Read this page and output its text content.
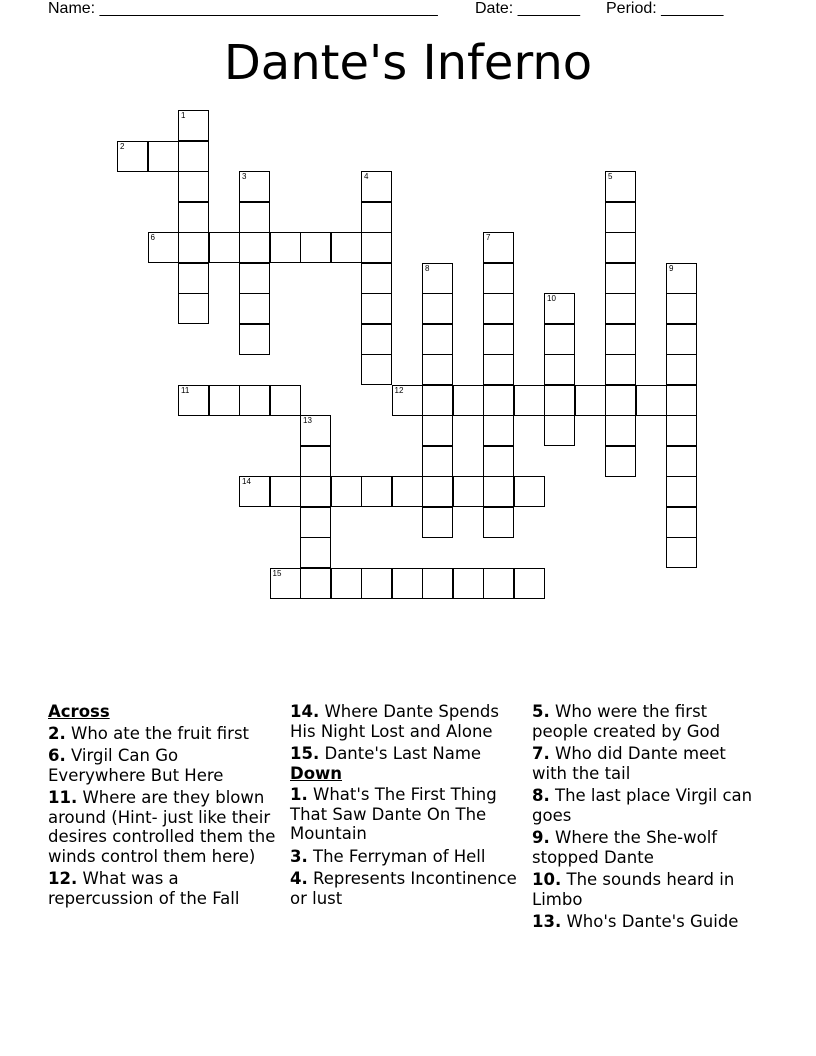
Name: ______________________________________ Date: _______ Period: _______
Dante's Inferno
1
2
3	4	5
6	7
8	9
10
11	12
13
14
15
Across
2. Who ate the fruit first
6. Virgil Can Go Everywhere But Here
11. Where are they blown around (Hint- just like their desires controlled them the winds control them here)
12. What was a repercussion of the Fall
14. Where Dante Spends His Night Lost and Alone
15. Dante's Last Name
Down
1. What's The First Thing That Saw Dante On The Mountain
3. The Ferryman of Hell
4. Represents Incontinence or lust
5. Who were the first people created by God
7. Who did Dante meet with the tail
8. The last place Virgil can goes
9. Where the She-wolf stopped Dante
10. The sounds heard in Limbo
13. Who's Dante's Guide
